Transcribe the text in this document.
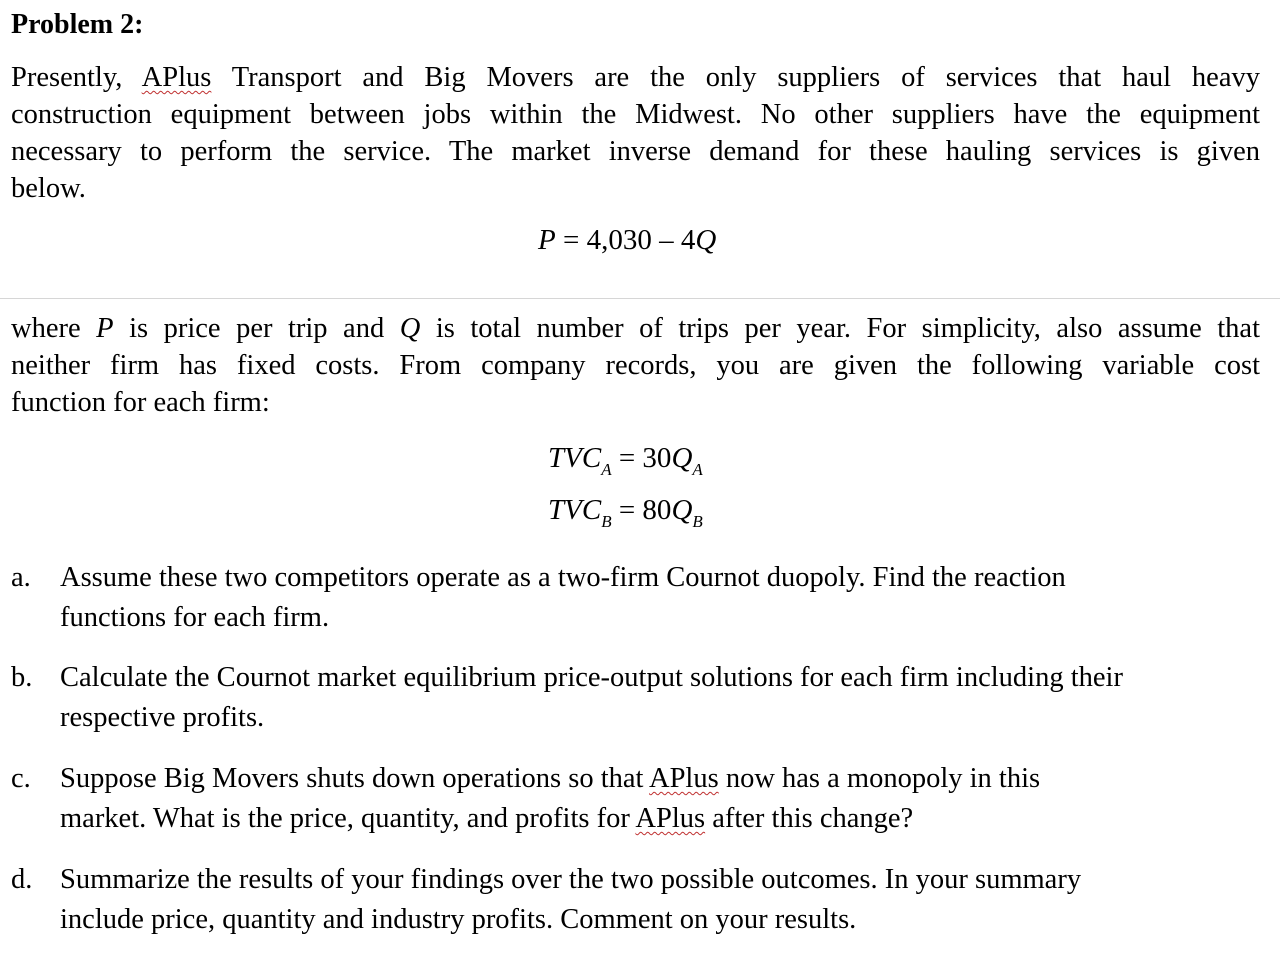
Problem 2:
Presently, APlus Transport and Big Movers are the only suppliers of services that haul heavy
construction equipment between jobs within the Midwest. No other suppliers have the equipment
necessary to perform the service. The market inverse demand for these hauling services is given
below.
P = 4,030 – 4Q
where P is price per trip and Q is total number of trips per year. For simplicity, also assume that
neither firm has fixed costs. From company records, you are given the following variable cost
function for each firm:
$TVC_A = 30Q_A$
$TVC_B = 80Q_B$
a.	Assume these two competitors operate as a two-firm Cournot duopoly. Find the reaction
functions for each firm.
b. Calculate the Cournot market equilibrium price-output solutions for each firm including their
respective profits.
c.	Suppose Big Movers shuts down operations so that APlus now has a monopoly in this
market. What is the price, quantity, and profits for APlus after this change?
d. Summarize the results of your findings over the two possible outcomes. In your summary
include price, quantity and industry profits. Comment on your results.
